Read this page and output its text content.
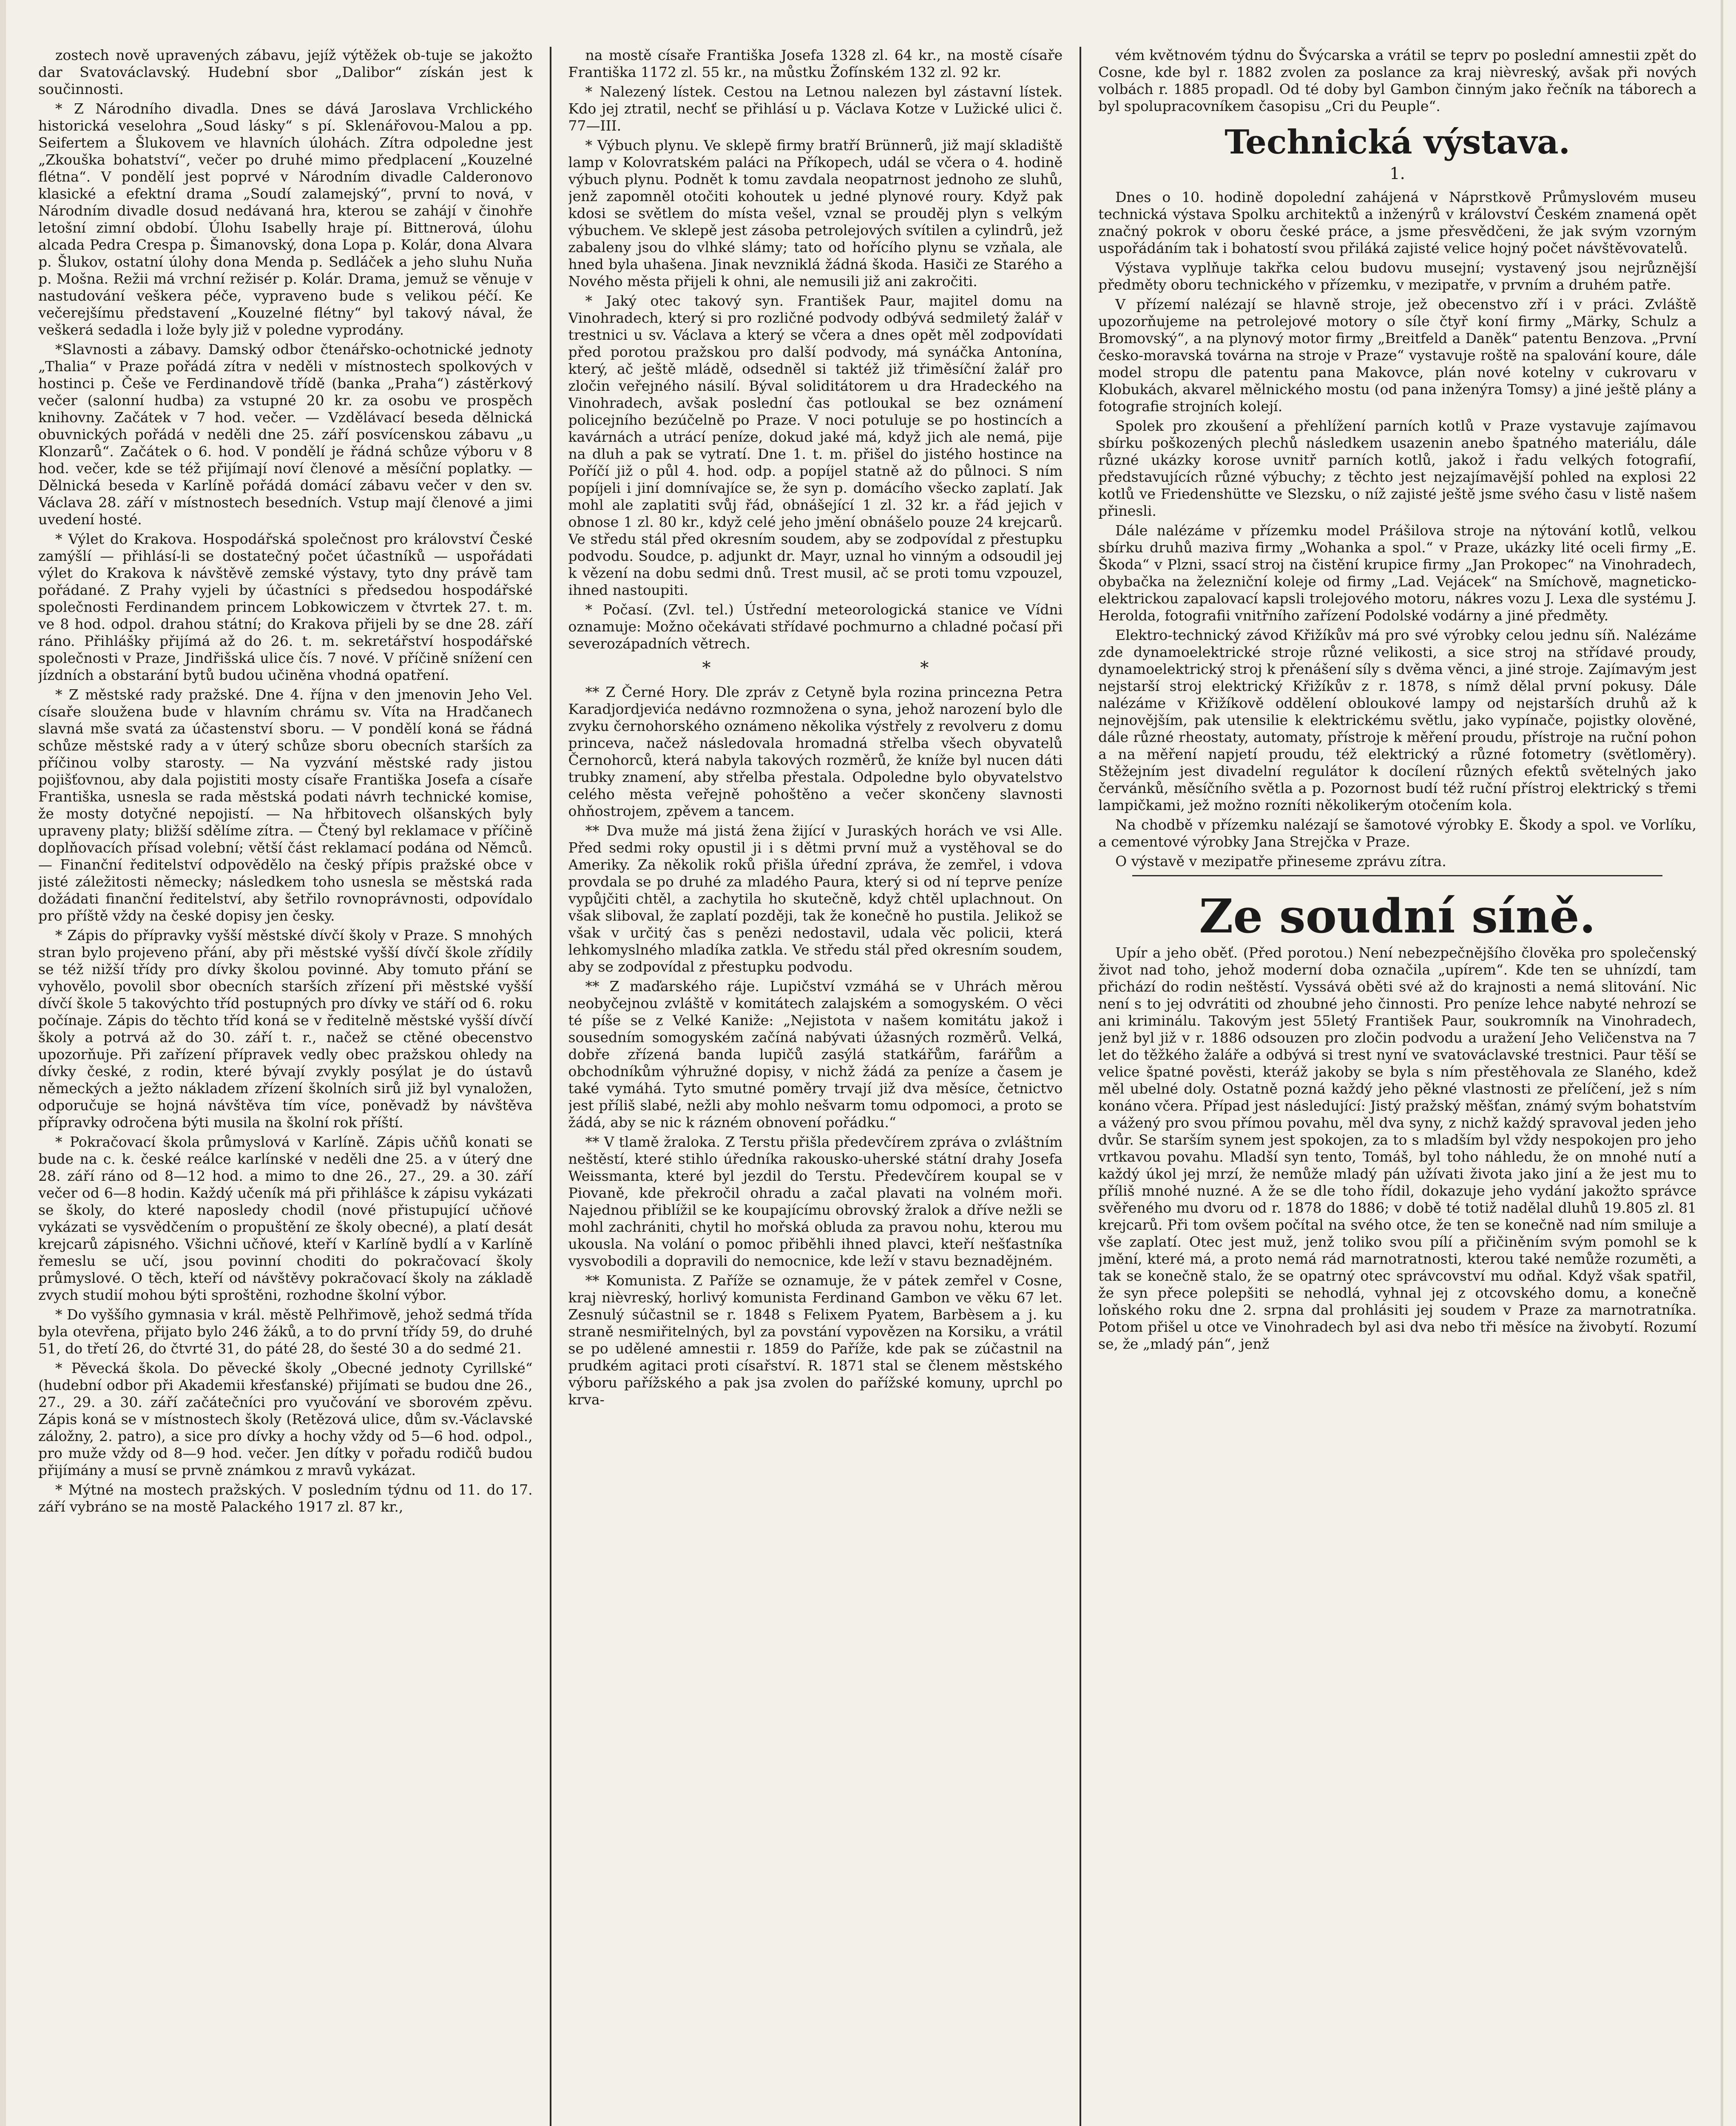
zostech nově upravených zábavu, jejíž výtěžek ob-tuje se jakožto dar Svatováclavský. Hudební sbor „Dalibor“ získán jest k součinnosti.

* Z Národního divadla. Dnes se dává Jaroslava Vrchlického historická veselohra „Soud lásky“ s pí. Sklenářovou-Malou a pp. Seifertem a Šlukovem ve hlavních úlohách. Zítra odpoledne jest „Zkouška bohatství“, večer po druhé mimo předplacení „Kouzelné flétna“. V pondělí jest poprvé v Národním divadle Calderonovo klasické a efektní drama „Soudí zalamejský“, první to nová, v Národním divadle dosud nedávaná hra, kterou se zahájí v činohře letošní zimní období. Úlohu Isabelly hraje pí. Bittnerová, úlohu alcada Pedra Crespa p. Šimanovský, dona Lopa p. Kolár, dona Alvara p. Šlukov, ostatní úlohy dona Menda p. Sedláček a jeho sluhu Nuňa p. Mošna. Režii má vrchní režisér p. Kolár. Drama, jemuž se věnuje v nastudování veškera péče, vypraveno bude s velikou péčí. Ke večerejšímu představení „Kouzelné flétny“ byl takový nával, že veškerá sedadla i lože byly již v poledne vyprodány.

*Slavnosti a zábavy. Damský odbor čtenářsko-ochotnické jednoty „Thalia“ v Praze pořádá zítra v neděli v místnostech spolkových v hostinci p. Češe ve Ferdinandově třídě (banka „Praha“) zástěrkový večer (salonní hudba) za vstupné 20 kr. za osobu ve prospěch knihovny. Začátek v 7 hod. večer. — Vzdělávací beseda dělnická obuvnických pořádá v neděli dne 25. září posvícenskou zábavu „u Klonzarů“. Začátek o 6. hod. V pondělí je řádná schůze výboru v 8 hod. večer, kde se též přijímají noví členové a měsíční poplatky. — Dělnická beseda v Karlíně pořádá domácí zábavu večer v den sv. Václava 28. září v místnostech besedních. Vstup mají členové a jimi uvedení hosté.

* Výlet do Krakova. Hospodářská společnost pro království České zamýšlí — přihlásí-li se dostatečný počet účastníků — uspořádati výlet do Krakova k návštěvě zemské výstavy, tyto dny právě tam pořádané. Z Prahy vyjeli by účastníci s předsedou hospodářské společnosti Ferdinandem princem Lobkowiczem v čtvrtek 27. t. m. ve 8 hod. odpol. drahou státní; do Krakova přijeli by se dne 28. září ráno. Přihlášky přijímá až do 26. t. m. sekretářství hospodářské společnosti v Praze, Jindřišská ulice čís. 7 nové. V příčině snížení cen jízdních a obstarání bytů budou učiněna vhodná opatření.

* Z městské rady pražské. Dne 4. října v den jmenovin Jeho Vel. císaře sloužena bude v hlavním chrámu sv. Víta na Hradčanech slavná mše svatá za účastenství sboru. — V pondělí koná se řádná schůze městské rady a v úterý schůze sboru obecních starších za příčinou volby starosty. — Na vyzvání městské rady jistou pojišťovnou, aby dala pojistiti mosty císaře Františka Josefa a císaře Františka, usnesla se rada městská podati návrh technické komise, že mosty dotyčné nepojistí. — Na hřbitovech olšanských byly upraveny platy; bližší sdělíme zítra. — Čtený byl reklamace v příčině doplňovacích přísad volební; větší část reklamací podána od Němců. — Finanční ředitelství odpovědělo na český přípis pražské obce v jisté záležitosti německy; následkem toho usnesla se městská rada dožádati finanční ředitelství, aby šetřilo rovnoprávnosti, odpovídalo pro příště vždy na české dopisy jen česky.

* Zápis do přípravky vyšší městské dívčí školy v Praze. S mnohých stran bylo projeveno přání, aby při městské vyšší dívčí škole zřídily se též nižší třídy pro dívky školou povinné. Aby tomuto přání se vyhovělo, povolil sbor obecních starších zřízení při městské vyšší dívčí škole 5 takovýchto tříd postupných pro dívky ve stáří od 6. roku počínaje. Zápis do těchto tříd koná se v ředitelně městské vyšší dívčí školy a potrvá až do 30. září t. r., načež se ctěné obecenstvo upozorňuje. Při zařízení přípravek vedly obec pražskou ohledy na dívky české, z rodin, které bývají zvykly posýlat je do ústavů německých a ježto nákladem zřízení školních sirů již byl vynaložen, odporučuje se hojná návštěva tím více, poněvadž by návštěva přípravky odročena býti musila na školní rok příští.

* Pokračovací škola průmyslová v Karlíně. Zápis učňů konati se bude na c. k. české reálce karlínské v neděli dne 25. a v úterý dne 28. září ráno od 8—12 hod. a mimo to dne 26., 27., 29. a 30. září večer od 6—8 hodin. Každý učeník má při přihlášce k zápisu vykázati se školy, do které naposledy chodil (nové přistupující učňové vykázati se vysvědčením o propuštění ze školy obecné), a platí desát krejcarů zápisného. Všichni učňové, kteří v Karlíně bydlí a v Karlíně řemeslu se učí, jsou povinní choditi do pokračovací školy průmyslové. O těch, kteří od návštěvy pokračovací školy na základě zvych studií mohou býti sproštěni, rozhodne školní výbor.

* Do vyššího gymnasia v král. městě Pelhřimově, jehož sedmá třída byla otevřena, přijato bylo 246 žáků, a to do první třídy 59, do druhé 51, do třetí 26, do čtvrté 31, do páté 28, do šesté 30 a do sedmé 21.

* Pěvecká škola. Do pěvecké školy „Obecné jednoty Cyrillské“ (hudební odbor při Akademii křesťanské) přijímati se budou dne 26., 27., 29. a 30. září začátečníci pro vyučování ve sborovém zpěvu. Zápis koná se v místnostech školy (Retězová ulice, dům sv.-Václavské záložny, 2. patro), a sice pro dívky a hochy vždy od 5—6 hod. odpol., pro muže vždy od 8—9 hod. večer. Jen dítky v pořadu rodičů budou přijímány a musí se prvně známkou z mravů vykázat.

* Mýtné na mostech pražských. V posledním týdnu od 11. do 17. září vybráno se na mostě Palackého 1917 zl. 87 kr.,

na mostě císaře Františka Josefa 1328 zl. 64 kr., na mostě císaře Františka 1172 zl. 55 kr., na můstku Žofínském 132 zl. 92 kr.

* Nalezený lístek. Cestou na Letnou nalezen byl zástavní lístek. Kdo jej ztratil, nechť se přihlásí u p. Václava Kotze v Lužické ulici č. 77—III.

* Výbuch plynu. Ve sklepě firmy bratří Brünnerů, již mají skladiště lamp v Kolovratském paláci na Příkopech, udál se včera o 4. hodině výbuch plynu. Podnět k tomu zavdala neopatrnost jednoho ze sluhů, jenž zapomněl otočiti kohoutek u jedné plynové roury. Když pak kdosi se světlem do místa vešel, vznal se prouděj plyn s velkým výbuchem. Ve sklepě jest zásoba petrolejových svítilen a cylindrů, jež zabaleny jsou do vlhké slámy; tato od hořícího plynu se vzňala, ale hned byla uhašena. Jinak nevzniklá žádná škoda. Hasiči ze Starého a Nového města přijeli k ohni, ale nemusili již ani zakročiti.

* Jaký otec takový syn. František Paur, majitel domu na Vinohradech, který si pro rozličné podvody odbývá sedmiletý žalář v trestnici u sv. Václava a který se včera a dnes opět měl zodpovídati před porotou pražskou pro další podvody, má synáčka Antonína, který, ač ještě mládě, odsedněl si taktéž již třiměsíční žalář pro zločin veřejného násilí. Býval soliditátorem u dra Hradeckého na Vinohradech, avšak poslední čas potloukal se bez oznámení policejního bezúčelně po Praze. V noci potuluje se po hostincích a kavárnách a utrácí peníze, dokud jaké má, když jich ale nemá, pije na dluh a pak se vytratí. Dne 1. t. m. přišel do jistého hostince na Poříčí již o půl 4. hod. odp. a popíjel statně až do půlnoci. S ním popíjeli i jiní domnívajíce se, že syn p. domácího všecko zaplatí. Jak mohl ale zaplatiti svůj řád, obnášející 1 zl. 32 kr. a řád jejich v obnose 1 zl. 80 kr., když celé jeho jmění obnášelo pouze 24 krejcarů. Ve středu stál před okresním soudem, aby se zodpovídal z přestupku podvodu. Soudce, p. adjunkt dr. Mayr, uznal ho vinným a odsoudil jej k vězení na dobu sedmi dnů. Trest musil, ač se proti tomu vzpouzel, ihned nastoupiti.

* Počasí. (Zvl. tel.) Ústřední meteorologická stanice ve Vídni oznamuje: Možno očekávati střídavé pochmurno a chladné počasí při severozápadních větrech.

* *

** Z Černé Hory. Dle zpráv z Cetyně byla rozina princezna Petra Karadjordjevića nedávno rozmnožena o syna, jehož narození bylo dle zvyku černohorského oznámeno několika výstřely z revolveru z domu princeva, načež následovala hromadná střelba všech obyvatelů Černohorců, která nabyla takových rozměrů, že kníže byl nucen dáti trubky znamení, aby střelba přestala. Odpoledne bylo obyvatelstvo celého města veřejně pohoštěno a večer skončeny slavnosti ohňostrojem, zpěvem a tancem.

** Dva muže má jistá žena žijící v Juraských horách ve vsi Alle. Před sedmi roky opustil ji i s dětmi první muž a vystěhoval se do Ameriky. Za několik roků přišla úřední zpráva, že zemřel, i vdova provdala se po druhé za mladého Paura, který si od ní teprve peníze vypůjčiti chtěl, a zachytila ho skutečně, když chtěl uplachnout. On však sliboval, že zaplatí později, tak že konečně ho pustila. Jelikož se však v určitý čas s penězi nedostavil, udala věc policii, která lehkomyslného mladíka zatkla. Ve středu stál před okresním soudem, aby se zodpovídal z přestupku podvodu.

** Z maďarského ráje. Lupičství vzmáhá se v Uhrách měrou neobyčejnou zvláště v komitátech zalajském a somogyském. O věci té píše se z Velké Kaniže: „Nejistota v našem komitátu jakož i sousedním somogyském začíná nabývati úžasných rozměrů. Velká, dobře zřízená banda lupičů zasýlá statkářům, farářům a obchodníkům výhružné dopisy, v nichž žádá za peníze a časem je také vymáhá. Tyto smutné poměry trvají již dva měsíce, četnictvo jest příliš slabé, nežli aby mohlo nešvarm tomu odpomoci, a proto se žádá, aby se nic k rázném obnovení pořádku.“

** V tlamě žraloka. Z Terstu přišla předevčírem zpráva o zvláštním neštěstí, které stihlo úředníka rakousko-uherské státní drahy Josefa Weissmanta, které byl jezdil do Terstu. Předevčírem koupal se v Piovaně, kde překročil ohradu a začal plavati na volném moři. Najednou přiblížil se ke koupajícímu obrovský žralok a dříve nežli se mohl zachrániti, chytil ho mořská obluda za pravou nohu, kterou mu ukousla. Na volání o pomoc přiběhli ihned plavci, kteří nešťastníka vysvobodili a dopravili do nemocnice, kde leží v stavu beznadějném.

** Komunista. Z Paříže se oznamuje, že v pátek zemřel v Cosne, kraj nièvreský, horlivý komunista Ferdinand Gambon ve věku 67 let. Zesnulý súčastnil se r. 1848 s Felixem Pyatem, Barbèsem a j. ku straně nesmiřitelných, byl za povstání vypovězen na Korsiku, a vrátil se po udělené amnestii r. 1859 do Paříže, kde pak se zúčastnil na prudkém agitaci proti císařství. R. 1871 stal se členem městského výboru pařížského a pak jsa zvolen do pařížské komuny, uprchl po krva-

vém květnovém týdnu do Švýcarska a vrátil se teprv po poslední amnestii zpět do Cosne, kde byl r. 1882 zvolen za poslance za kraj nièvreský, avšak při nových volbách r. 1885 propadl. Od té doby byl Gambon činným jako řečník na táborech a byl spolupracovníkem časopisu „Cri du Peuple“.

Technická výstava.
1.

Dnes o 10. hodině dopolední zahájená v Náprstkově Průmyslovém museu technická výstava Spolku architektů a inženýrů v království Českém znamená opět značný pokrok v oboru české práce, a jsme přesvědčeni, že jak svým vzorným uspořádáním tak i bohatostí svou přiláká zajisté velice hojný počet návštěvovatelů.

Výstava vyplňuje takřka celou budovu musejní; vystavený jsou nejrůznější předměty oboru technického v přízemku, v mezipatře, v prvním a druhém patře.

V přízemí nalézají se hlavně stroje, jež obecenstvo zří i v práci. Zvláště upozorňujeme na petrolejové motory o síle čtyř koní firmy „Märky, Schulz a Bromovský“, a na plynový motor firmy „Breitfeld a Daněk“ patentu Benzova. „První česko-moravská továrna na stroje v Praze“ vystavuje roště na spalování koure, dále model stropu dle patentu pana Makovce, plán nové kotelny v cukrovaru v Klobukách, akvarel mělnického mostu (od pana inženýra Tomsy) a jiné ještě plány a fotografie strojních kolejí.

Spolek pro zkoušení a přehlížení parních kotlů v Praze vystavuje zajímavou sbírku poškozených plechů následkem usazenin anebo špatného materiálu, dále různé ukázky korose uvnitř parních kotlů, jakož i řadu velkých fotografií, představujících různé výbuchy; z těchto jest nejzajímavější pohled na explosi 22 kotlů ve Friedenshütte ve Slezsku, o níž zajisté ještě jsme svého času v listě našem přinesli.

Dále nalézáme v přízemku model Prášilova stroje na nýtování kotlů, velkou sbírku druhů maziva firmy „Wohanka a spol.“ v Praze, ukázky lité oceli firmy „E. Škoda“ v Plzni, ssací stroj na čistění krupice firmy „Jan Prokopec“ na Vinohradech, obybačka na železniční koleje od firmy „Lad. Vejácek“ na Smíchově, magneticko-elektrickou zapalovací kapsli trolejového motoru, nákres vozu J. Lexa dle systému J. Herolda, fotografii vnitřního zařízení Podolské vodárny a jiné předměty.

Elektro-technický závod Křižíkův má pro své výrobky celou jednu síň. Nalézáme zde dynamoelektrické stroje různé velikosti, a sice stroj na střídavé proudy, dynamoelektrický stroj k přenášení síly s dvěma věnci, a jiné stroje. Zajímavým jest nejstarší stroj elektrický Křižíkův z r. 1878, s nímž dělal první pokusy. Dále nalézáme v Křižíkově oddělení obloukové lampy od nejstarších druhů až k nejnovějším, pak utensilie k elektrickému světlu, jako vypínače, pojistky olověné, dále různé rheostaty, automaty, přístroje k měření proudu, přístroje na ruční pohon a na měření napjetí proudu, též elektrický a různé fotometry (světloměry). Stěžejním jest divadelní regulátor k docílení různých efektů světelných jako červánků, měsíčního světla a p. Pozornost budí též ruční přístroj elektrický s třemi lampičkami, jež možno rozníti několikerým otočením kola.

Na chodbě v přízemku nalézají se šamotové výrobky E. Škody a spol. ve Vorlíku, a cementové výrobky Jana Strejčka v Praze.

O výstavě v mezipatře přineseme zprávu zítra.

Ze soudní síně.

Upír a jeho oběť. (Před porotou.) Není nebezpečnějšího člověka pro společenský život nad toho, jehož moderní doba označila „upírem“. Kde ten se uhnízdí, tam přichází do rodin neštěstí. Vyssává oběti své až do krajnosti a nemá slitování. Nic není s to jej odvrátiti od zhoubné jeho činnosti. Pro peníze lehce nabyté nehrozí se ani kriminálu. Takovým jest 55letý František Paur, soukromník na Vinohradech, jenž byl již v r. 1886 odsouzen pro zločin podvodu a uražení Jeho Veličenstva na 7 let do těžkého žaláře a odbývá si trest nyní ve svatováclavské trestnici. Paur těší se velice špatné pověsti, kteráž jakoby se byla s ním přestěhovala ze Slaného, kdež měl ubelné doly. Ostatně pozná každý jeho pěkné vlastnosti ze přelíčení, jež s ním konáno včera. Případ jest následující: Jistý pražský měšťan, známý svým bohatstvím a vážený pro svou přímou povahu, měl dva syny, z nichž každý spravoval jeden jeho dvůr. Se starším synem jest spokojen, za to s mladším byl vždy nespokojen pro jeho vrtkavou povahu. Mladší syn tento, Tomáš, byl toho náhledu, že on mnohé nutí a každý úkol jej mrzí, že nemůže mladý pán užívati života jako jiní a že jest mu to příliš mnohé nuzné. A že se dle toho řídil, dokazuje jeho vydání jakožto správce svěřeného mu dvoru od r. 1878 do 1886; v době té totiž nadělal dluhů 19.805 zl. 81 krejcarů. Při tom ovšem počítal na svého otce, že ten se konečně nad ním smiluje a vše zaplatí. Otec jest muž, jenž toliko svou pílí a přičiněním svým pomohl se k jmění, které má, a proto nemá rád marnotratnosti, kterou také nemůže rozuměti, a tak se konečně stalo, že se opatrný otec správcovství mu odňal. Když však spatřil, že syn přece polepšiti se nehodlá, vyhnal jej z otcovského domu, a konečně loňského roku dne 2. srpna dal prohlásiti jej soudem v Praze za marnotratníka. Potom přišel u otce ve Vinohradech byl asi dva nebo tři měsíce na živobytí. Rozumí se, že „mladý pán“, jenž
